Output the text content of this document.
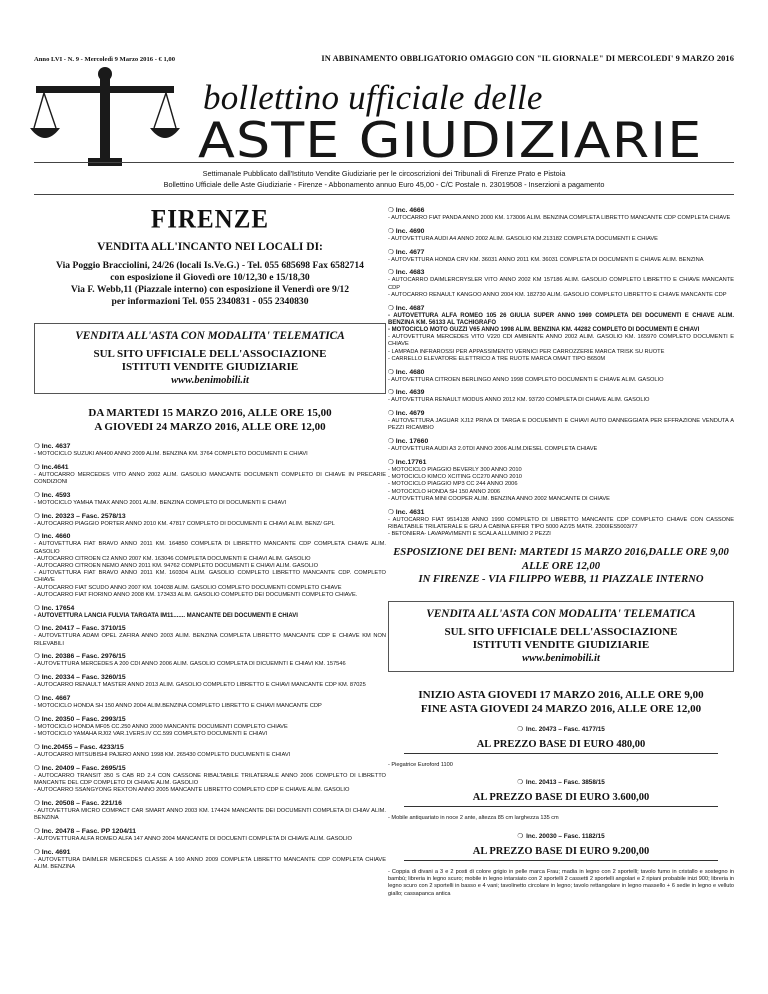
Anno LVI - N. 9 - Mercoledì 9 Marzo 2016 - € 1,00	IN ABBINAMENTO OBBLIGATORIO OMAGGIO CON "IL GIORNALE" DI MERCOLEDI' 9 MARZO 2016
bollettino ufficiale delle
ASTE GIUDIZIARIE
Settimanale Pubblicato dall'Istituto Vendite Giudiziarie per le circoscrizioni dei Tribunali di Firenze Prato e Pistoia
Bollettino Ufficiale delle Aste Giudiziarie - Firenze - Abbonamento annuo Euro 45,00 - C/C Postale n. 23019508 - Inserzioni a pagamento
FIRENZE
VENDITA ALL'INCANTO NEI LOCALI DI:
Via Poggio Bracciolini, 24/26 (locali Is.Ve.G.) - Tel. 055 685698 Fax 6582714
con esposizione il Giovedì ore 10/12,30 e 15/18,30
Via F. Webb,11 (Piazzale interno) con esposizione il Venerdì ore 9/12
per informazioni Tel. 055 2340831 - 055 2340830
VENDITA ALL'ASTA CON MODALITA' TELEMATICA
SUL SITO UFFICIALE DELL'ASSOCIAZIONE
ISTITUTI VENDITE GIUDIZIARIE
www.benimobili.it
DA MARTEDI 15 MARZO 2016, ALLE ORE 15,00
A GIOVEDI 24 MARZO 2016, ALLE ORE 12,00
❍ Inc. 4637
- MOTOCICLO SUZUKI AN400 ANNO 2009 ALIM. BENZINA KM. 3764 COMPLETO DOCUMENTI E CHIAVI
❍ Inc.4641
- AUTOCARRO MERCEDES VITO ANNO 2002 ALIM. GASOLIO MANCANTE DOCUMENTI COMPLETO DI CHIAVE IN PRECARIE CONDIZIONI
❍ Inc. 4593
- MOTOCICLO YAMHA TMAX ANNO 2001 ALIM. BENZINA COMPLETO DI DOCUMENTI E CHIAVI
❍ Inc. 20323 – Fasc. 2578/13
- AUTOCARRO PIAGGIO PORTER ANNO 2010 KM. 47817 COMPLETO DI DOCUMENTI E CHIAVI ALIM. BENZ/ GPL
❍ Inc. 4660
- AUTOVETTURA FIAT BRAVO ANNO 2011 KM. 164850 COMPLETA DI LIBRETTO MANCANTE CDP COMPLETA CHIAVE ALIM. GASOLIO
- AUTOCARRO CITROEN C2 ANNO 2007 KM. 163046 COMPLETA DOCUMENTI E CHIAVI ALIM. GASOLIO
- AUTOCARRO CITROEN NEMO ANNO 2011 KM. 94762 COMPLETO DOCUMENTI E CHIAVI ALIM. GASOLIO
- AUTOVETTURA FIAT BRAVO ANNO 2011 KM. 160304 ALIM. GASOLIO COMPLETO LIBRETTO MANCANTE CDP. COMPLETO CHIAVE
- AUTOCARRO FIAT SCUDO ANNO 2007 KM. 104038 ALIM. GASOLIO COMPLETO DOCUMENTI COMPLETO CHIAVE
- AUTOCARRO FIAT FIORINO ANNO 2008 KM. 173433 ALIM. GASOLIO COMPLETO DEI DOCUMENTI COMPLETO CHIAVE.
❍ Inc. 17654
- AUTOVETTURA LANCIA FULVIA TARGATA IM11....... MANCANTE DEI DOCUMENTI E CHIAVI
❍ Inc. 20417 – Fasc. 3710/15
- AUTOVETTURA ADAM OPEL ZAFIRA ANNO 2003 ALIM. BENZINA COMPLETA LIBRETTO MANCANTE CDP E CHIAVE KM NON RILEVABILI
❍ Inc. 20386 – Fasc. 2976/15
- AUTOVETTURA MERCEDES A 200 CDI ANNO 2006 ALIM. GASOLIO COMPLETA DI DICUEMNTI E CHIAVI KM. 157546
❍ Inc. 20334 – Fasc. 3260/15
- AUTOCARRO RENAULT MASTER ANNO 2013 ALIM. GASOLIO COMPLETO LIBRETTO E CHIAVI MANCANTE CDP KM. 87025
❍ Inc. 4667
- MOTOCICLO HONDA SH 150 ANNO 2004 ALIM.BENZINA COMPLETO LIBRETTO E CHIAVI MANCANTE CDP
❍ Inc. 20350 – Fasc. 2993/15
- MOTOCICLO HONDA MF05 CC.250 ANNO 2000 MANCANTE DOCUMENTI COMPLETO CHIAVE
- MOTOCICLO YAMAHA RJ02 VAR.1VERS.IV CC.599 COMPLETO DOCUMENTI E CHIAVI
❍ Inc.20455 – Fasc. 4233/15
- AUTOCARRO MITSUBISHI PAJERO ANNO 1998 KM. 265430 COMPLETO DUCUMENTI E CHIAVI
❍ Inc. 20409 – Fasc. 2695/15
- AUTOCARRO TRANSIT 350 S CAB RD 2.4 CON CASSONE RIBALTABILE TRILATERALE ANNO 2006 COMPLETO DI LIBRETTO MANCANTE DEL CDP COMPLETO DI CHIAVE ALIM. GASOLIO
- AUTOCARRO SSANGYONG REXTON ANNO 2005 MANCANTE LIBRETTO COMPLETO CDP E CHIAVE ALIM. GASOLIO
❍ Inc. 20508 – Fasc. 221/16
- AUTOVETTURA MICRO COMPACT CAR SMART ANNO 2003 KM. 174424 MANCANTE DEI DOCUMENTI COMPLETA DI CHIAV ALIM. BENZINA
❍ Inc. 20478 – Fasc. PP 1204/11
- AUTOVETTURA ALFA ROMEO ALFA 147 ANNO 2004 MANCANTE DI DOCUENTI COMPLETA DI CHIAVE ALIM. GASOLIO
❍ Inc. 4691
- AUTOVETTURA DAIMLER MERCEDES CLASSE A 160 ANNO 2009 COMPLETA LIBRETTO MANCANTE CDP COMPLETA CHIAVE ALIM. BENZINA
❍ Inc. 4666
- AUTOCARRO FIAT PANDA ANNO 2000 KM. 173006 ALIM. BENZINA COMPLETA LIBRETTO MANCANTE CDP COMPLETA CHIAVE
❍ Inc. 4690
- AUTOVETTURA AUDI A4 ANNO 2002 ALIM. GASOLIO KM.213182 COMPLETA DOCUMENTI E CHIAVE
❍ Inc. 4677
- AUTOVETTURA HONDA CRV KM. 36031 ANNO 2011 KM. 36031 COMPLETA DI DOCUMENTI E CHIAVE ALIM. BENZINA
❍ Inc. 4683
- AUTOCARRO DAIMLERCRYSLER VITO ANNO 2002 KM 157186 ALIM. GASOLIO COMPLETO LIBRETTO E CHIAVE MANCANTE CDP
- AUTOCARRO RENAULT KANGOO ANNO 2004 KM. 182730 ALIM. GASOLIO COMPLETO LIBRETTO E CHIAVE MANCANTE CDP
❍ Inc. 4687
- AUTOVETTURA ALFA ROMEO 105 26 GIULIA SUPER ANNO 1969 COMPLETA DEI DOCUMENTI E CHIAVE ALIM. BENZINA KM. 56133 AL TACHIGRAFO
- MOTOCICLO MOTO GUZZI V65 ANNO 1998 ALIM. BENZINA KM. 44282 COMPLETO DI DOCUMENTI E CHIAVI
- AUTOVETTURA MERCEDES VITO V220 CDI AMBIENTE ANNO 2002 ALIM. GASOLIO KM. 165970 COMPLETO DOCUMENTI E CHIAVE
- LAMPADA INFRAROSSI PER APPASSIMENTO VERNICI PER CARROZZERIE MARCA TRISK SU RUOTE
- CARRELLO ELEVATORE ELETTRICO A TRE RUOTE MARCA OMAIT TIPO B650M
❍ Inc. 4680
- AUTOVETTURA CITROEN BERLINGO ANNO 1998 COMPLETO DOCUMENTI E CHIAVE ALIM. GASOLIO
❍ Inc. 4639
- AUTOVETTURA RENAULT MODUS ANNO 2012 KM. 93720 COMPLETA DI CHIAVE ALIM. GASOLIO
❍ Inc. 4679
- AUTOVETTURA JAGUAR XJ12 PRIVA DI TARGA E DOCUEMNTI E CHIAVI AUTO DANNEGGIATA PER EFFRAZIONE VENDUTA A PEZZI RICAMBIO
❍ Inc. 17660
- AUTOVETTURA AUDI A3 2.0TDI ANNO 2006 ALIM.DIESEL COMPLETA CHIAVE
❍ Inc.17761
- MOTOCICLO PIAGGIO BEVERLY 300 ANNO 2010
- MOTOCICLO KIMCO XCITING CC270 ANNO 2010
- MOTOCICLO PIAGGIO MP3 CC 244 ANNO 2006
- MOTOCICLO HONDA SH 150 ANNO 2006
- AUTOVETTURA MINI COOPER ALIM. BENZINA ANNO 2002 MANCANTE DI CHIAVE
❍ Inc. 4631
- AUTOCARRO FIAT 9514138 ANNO 1990 COMPLETO DI LIBRETTO MANCANTE CDP COMPLETO CHIAVE CON CASSONE RIBALTABILE TRILATERALE E GRU A CABINA EFFER TIPO 5000 AZ/25 MATR. 2300IES5003/77
- BETONIERA- LAVAPAVIMENTI E SCALA ALLUMINIO 2 PEZZI
ESPOSIZIONE DEI BENI: MARTEDI 15 MARZO 2016,DALLE ORE 9,00 ALLE ORE 12,00
IN FIRENZE - VIA FILIPPO WEBB, 11 PIAZZALE INTERNO
VENDITA ALL'ASTA CON MODALITA' TELEMATICA
SUL SITO UFFICIALE DELL'ASSOCIAZIONE
ISTITUTI VENDITE GIUDIZIARIE
www.benimobili.it
INIZIO ASTA GIOVEDI 17 MARZO 2016, ALLE ORE 9,00
FINE ASTA GIOVEDI 24 MARZO 2016, ALLE ORE 12,00
❍ Inc. 20473 – Fasc. 4177/15
AL PREZZO BASE DI EURO 480,00
- Piegatrice Euroford 1100
❍ Inc. 20413 – Fasc. 3858/15
AL PREZZO BASE DI EURO 3.600,00
- Mobile antiquariato in noce 2 ante, altezza 85 cm larghezza 135 cm
❍ Inc. 20030 – Fasc. 1182/15
AL PREZZO BASE DI EURO 9.200,00
- Coppia di divani a 3 e 2 posti di colore grigio in pelle marca Frau; madia in legno con 2 sportelli; tavolo fumo in cristallo e sostegno in bambù; libreria in legno scuro; mobile in legno intarsiato con 2 sportelli 2 cassetti 2 sportelli angolari e 2 ripiani probabile inizi 900; libreria in legno scuro con 2 sportelli in basso e 4 vani; tavolinetto circolare in legno; tavolo rettangolare in legno massello + 6 sedie in legno e velluto giallo; cassapanca antica
